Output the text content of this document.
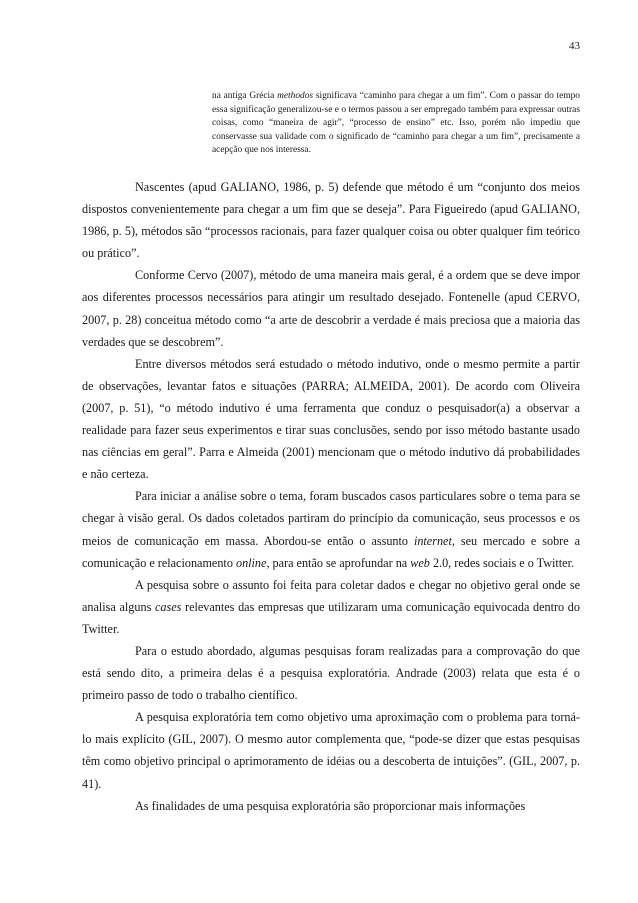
43

na antiga Grécia methodos significava “caminho para chegar a um fim”. Com o passar do tempo essa significação generalizou-se e o termos passou a ser empregado também para expressar outras coisas, como “maneira de agir”, “processo de ensino” etc. Isso, porém não impediu que conservasse sua validade com o significado de “caminho para chegar a um fim”, precisamente a acepção que nos interessa.

Nascentes (apud GALIANO, 1986, p. 5) defende que método é um “conjunto dos meios dispostos convenientemente para chegar a um fim que se deseja”. Para Figueiredo (apud GALIANO, 1986, p. 5), métodos são “processos racionais, para fazer qualquer coisa ou obter qualquer fim teórico ou prático”.

Conforme Cervo (2007), método de uma maneira mais geral, é a ordem que se deve impor aos diferentes processos necessários para atingir um resultado desejado. Fontenelle (apud CERVO, 2007, p. 28) conceitua método como “a arte de descobrir a verdade é mais preciosa que a maioria das verdades que se descobrem”.

Entre diversos métodos será estudado o método indutivo, onde o mesmo permite a partir de observações, levantar fatos e situações (PARRA; ALMEIDA, 2001). De acordo com Oliveira (2007, p. 51), “o método indutivo é uma ferramenta que conduz o pesquisador(a) a observar a realidade para fazer seus experimentos e tirar suas conclusões, sendo por isso método bastante usado nas ciências em geral”. Parra e Almeida (2001) mencionam que o método indutivo dá probabilidades e não certeza.

Para iniciar a análise sobre o tema, foram buscados casos particulares sobre o tema para se chegar à visão geral. Os dados coletados partiram do princípio da comunicação, seus processos e os meios de comunicação em massa. Abordou-se então o assunto internet, seu mercado e sobre a comunicação e relacionamento online, para então se aprofundar na web 2.0, redes sociais e o Twitter.

A pesquisa sobre o assunto foi feita para coletar dados e chegar no objetivo geral onde se analisa alguns cases relevantes das empresas que utilizaram uma comunicação equivocada dentro do Twitter.

Para o estudo abordado, algumas pesquisas foram realizadas para a comprovação do que está sendo dito, a primeira delas é a pesquisa exploratória. Andrade (2003) relata que esta é o primeiro passo de todo o trabalho científico.

A pesquisa exploratória tem como objetivo uma aproximação com o problema para torná-lo mais explícito (GIL, 2007). O mesmo autor complementa que, “pode-se dizer que estas pesquisas têm como objetivo principal o aprimoramento de idéias ou a descoberta de intuições”. (GIL, 2007, p. 41).

As finalidades de uma pesquisa exploratória são proporcionar mais informações
